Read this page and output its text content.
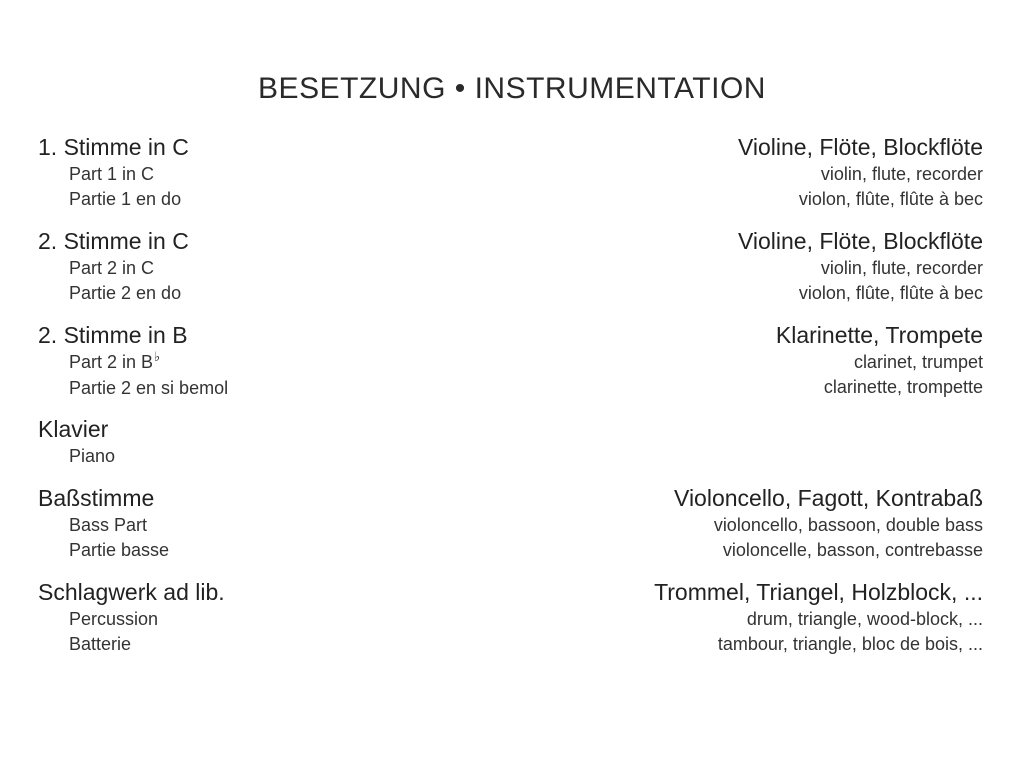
BESETZUNG • INSTRUMENTATION
1. Stimme in C
Part 1 in C
Partie 1 en do
2. Stimme in C
Part 2 in C
Partie 2 en do
2. Stimme in B
Part 2 in B♭
Partie 2 en si bemol
Klavier
Piano
Baßstimme
Bass Part
Partie basse
Schlagwerk ad lib.
Percussion
Batterie
Violine, Flöte, Blockflöte
violin, flute, recorder
violon, flûte, flûte à bec
Violine, Flöte, Blockflöte
violin, flute, recorder
violon, flûte, flûte à bec
Klarinette, Trompete
clarinet, trumpet
clarinette, trompette
Violoncello, Fagott, Kontrabaß
violoncello, bassoon, double bass
violoncelle, basson, contrebasse
Trommel, Triangel, Holzblock, ...
drum, triangle, wood-block, ...
tambour, triangle, bloc de bois, ...
